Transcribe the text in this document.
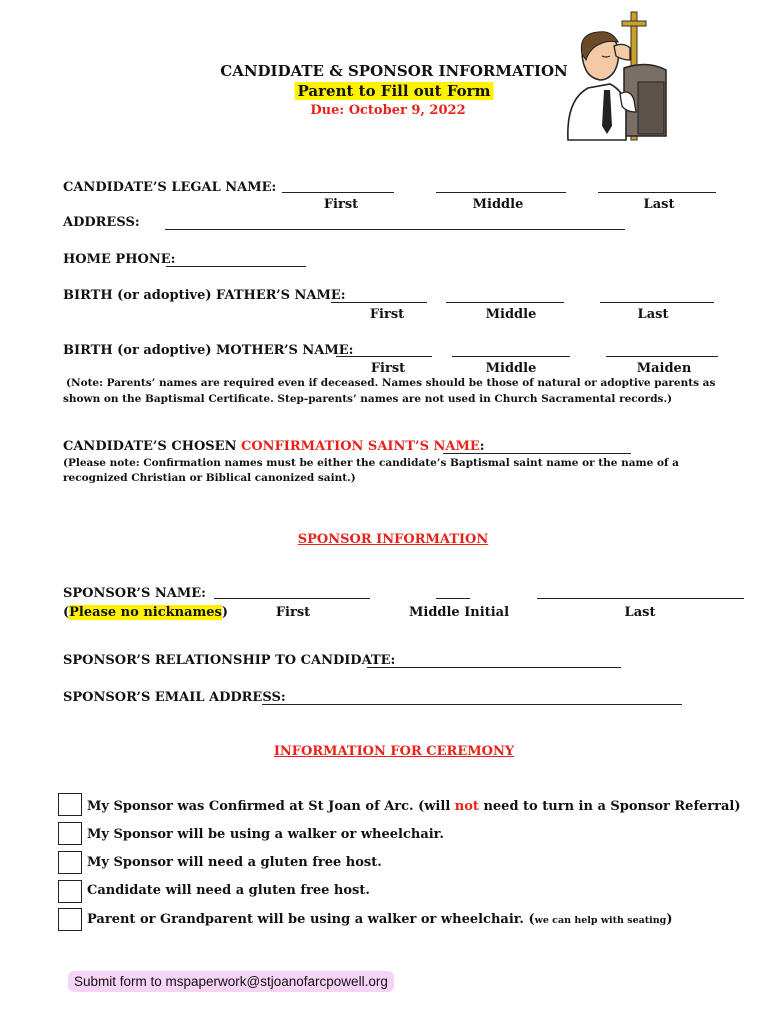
CANDIDATE & SPONSOR INFORMATION
Parent to Fill out Form
Due: October 9, 2022
CANDIDATE’S LEGAL NAME:
First	Middle	Last
ADDRESS:
HOME PHONE:
BIRTH (or adoptive) FATHER’S NAME:
First	Middle	Last
BIRTH (or adoptive) MOTHER’S NAME:
First	Middle	Maiden
(Note: Parents’ names are required even if deceased. Names should be those of natural or adoptive parents as
shown on the Baptismal Certificate. Step-parents’ names are not used in Church Sacramental records.)
CANDIDATE’S CHOSEN CONFIRMATION SAINT’S NAME:
(Please note: Confirmation names must be either the candidate’s Baptismal saint name or the name of a
recognized Christian or Biblical canonized saint.)
SPONSOR INFORMATION
SPONSOR’S NAME:
(Please no nicknames)	First	Middle Initial	Last
SPONSOR’S RELATIONSHIP TO CANDIDATE:
SPONSOR’S EMAIL ADDRESS:
INFORMATION FOR CEREMONY
My Sponsor was Confirmed at St Joan of Arc. (will not need to turn in a Sponsor Referral)
My Sponsor will be using a walker or wheelchair.
My Sponsor will need a gluten free host.
Candidate will need a gluten free host.
Parent or Grandparent will be using a walker or wheelchair. (we can help with seating)
Submit form to mspaperwork@stjoanofarcpowell.org
